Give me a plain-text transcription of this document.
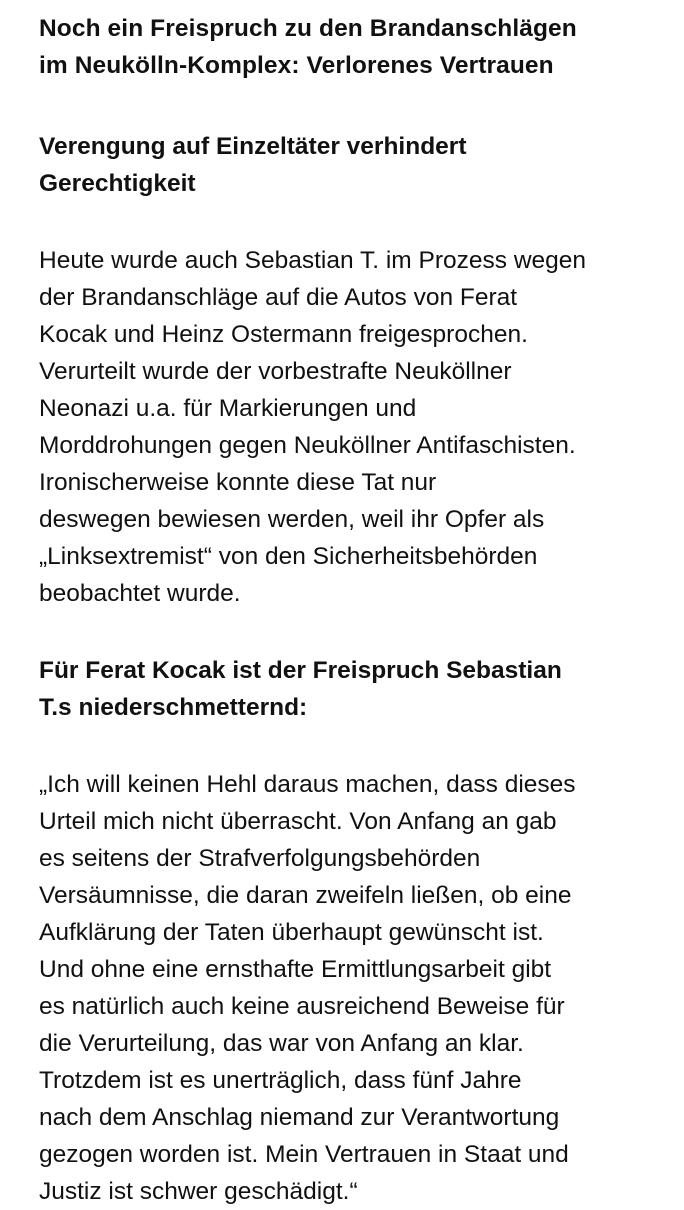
Noch ein Freispruch zu den Brandanschlägen
im Neukölln-Komplex: Verlorenes Vertrauen
Verengung auf Einzeltäter verhindert
Gerechtigkeit

Heute wurde auch Sebastian T. im Prozess wegen
der Brandanschläge auf die Autos von Ferat
Kocak und Heinz Ostermann freigesprochen.
Verurteilt wurde der vorbestrafte Neuköllner
Neonazi u.a. für Markierungen und
Morddrohungen gegen Neuköllner Antifaschisten.
Ironischerweise konnte diese Tat nur
deswegen bewiesen werden, weil ihr Opfer als
„Linksextremist“ von den Sicherheitsbehörden
beobachtet wurde.

Für Ferat Kocak ist der Freispruch Sebastian
T.s niederschmetternd:

„Ich will keinen Hehl daraus machen, dass dieses
Urteil mich nicht überrascht. Von Anfang an gab
es seitens der Strafverfolgungsbehörden
Versäumnisse, die daran zweifeln ließen, ob eine
Aufklärung der Taten überhaupt gewünscht ist.
Und ohne eine ernsthafte Ermittlungsarbeit gibt
es natürlich auch keine ausreichend Beweise für
die Verurteilung, das war von Anfang an klar.
Trotzdem ist es unerträglich, dass fünf Jahre
nach dem Anschlag niemand zur Verantwortung
gezogen worden ist. Mein Vertrauen in Staat und
Justiz ist schwer geschädigt.“
